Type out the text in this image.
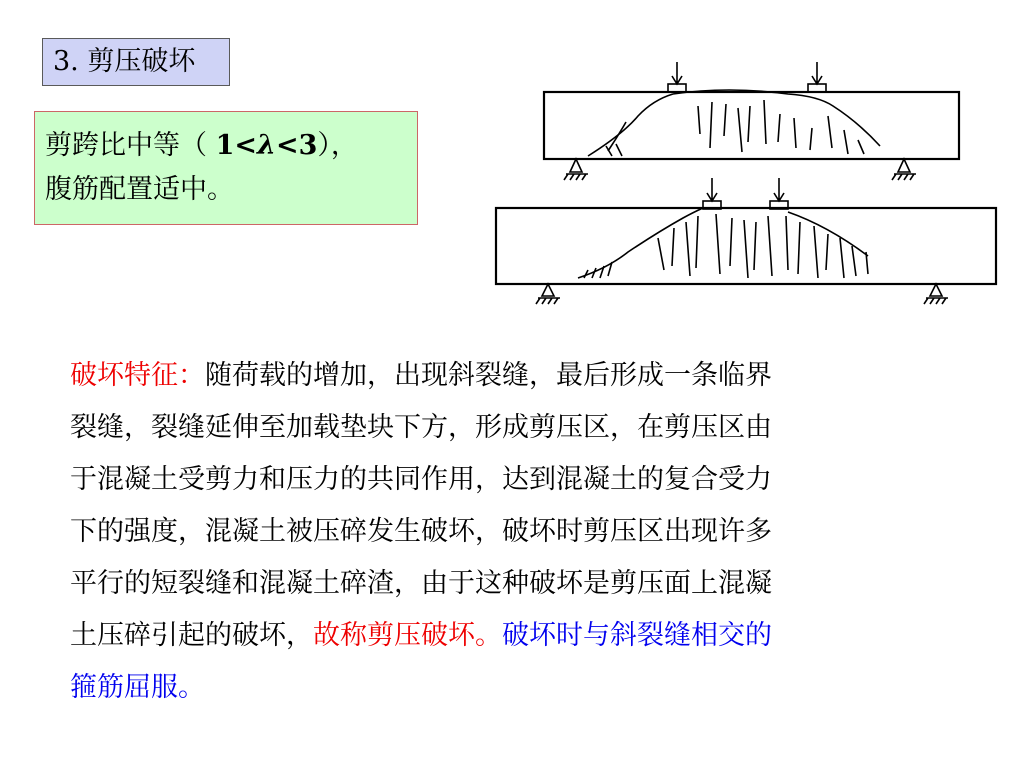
3. 剪压破坏
剪跨比中等（ 1<λ<3），
腹筋配置适中。
破坏特征：随荷载的增加，出现斜裂缝，最后形成一条临界
裂缝，裂缝延伸至加载垫块下方，形成剪压区，在剪压区由
于混凝土受剪力和压力的共同作用，达到混凝土的复合受力
下的强度，混凝土被压碎发生破坏，破坏时剪压区出现许多
平行的短裂缝和混凝土碎渣，由于这种破坏是剪压面上混凝
土压碎引起的破坏，故称剪压破坏。破坏时与斜裂缝相交的
箍筋屈服。
